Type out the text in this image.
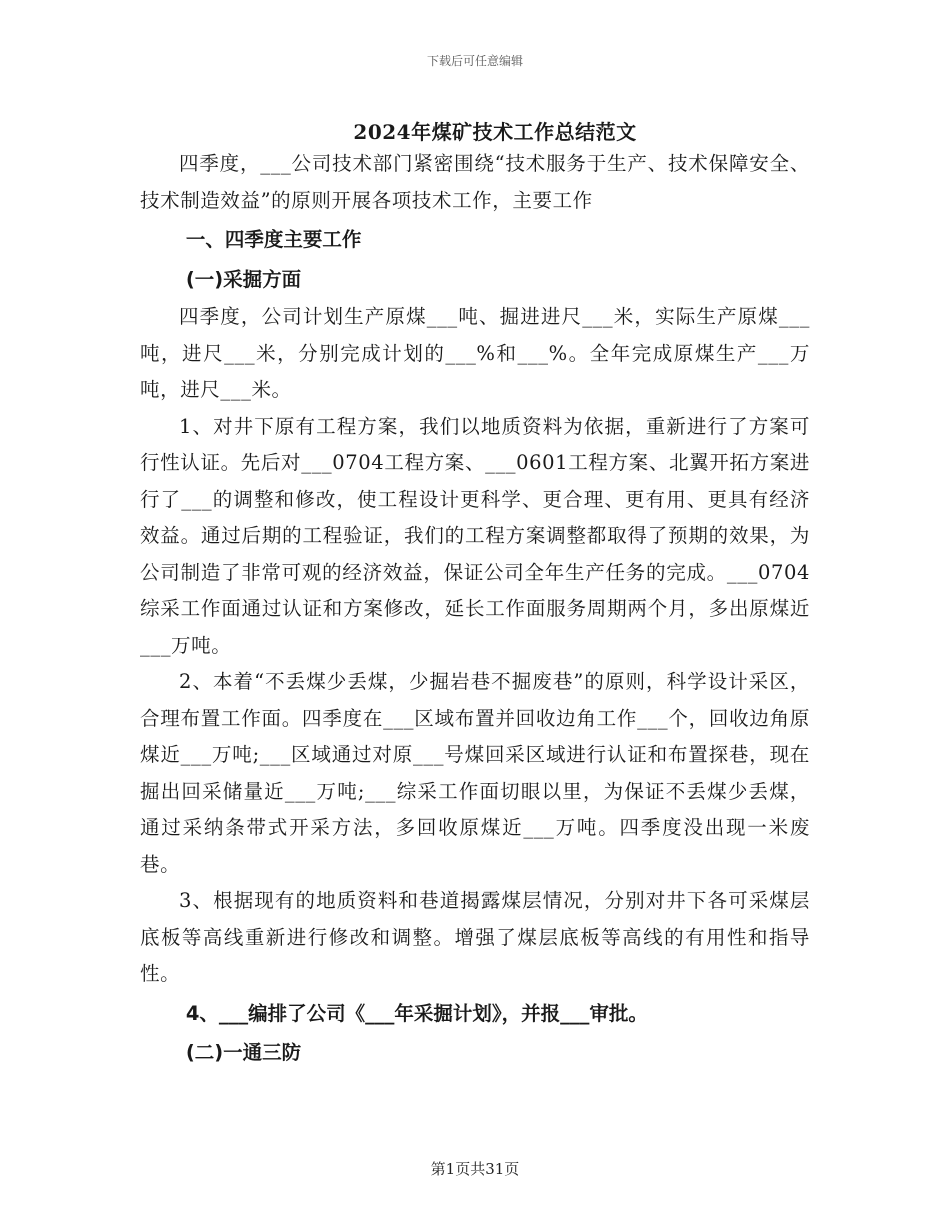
下载后可任意编辑
2024年煤矿技术工作总结范文

四季度，___公司技术部门紧密围绕“技术服务于生产、技术保障安全、技术制造效益”的原则开展各项技术工作，主要工作

一、四季度主要工作

(一)采掘方面

四季度，公司计划生产原煤___吨、掘进进尺___米，实际生产原煤___吨，进尺___米，分别完成计划的___%和___%。全年完成原煤生产___万吨，进尺___米。

1、对井下原有工程方案，我们以地质资料为依据，重新进行了方案可行性认证。先后对___0704工程方案、___0601工程方案、北翼开拓方案进行了___的调整和修改，使工程设计更科学、更合理、更有用、更具有经济效益。通过后期的工程验证，我们的工程方案调整都取得了预期的效果，为公司制造了非常可观的经济效益，保证公司全年生产任务的完成。___0704综采工作面通过认证和方案修改，延长工作面服务周期两个月，多出原煤近___万吨。

2、本着“不丢煤少丢煤，少掘岩巷不掘废巷”的原则，科学设计采区，合理布置工作面。四季度在___区域布置并回收边角工作___个，回收边角原煤近___万吨;___区域通过对原___号煤回采区域进行认证和布置探巷，现在掘出回采储量近___万吨;___综采工作面切眼以里，为保证不丢煤少丢煤，通过采纳条带式开采方法，多回收原煤近___万吨。四季度没出现一米废巷。

3、根据现有的地质资料和巷道揭露煤层情况，分别对井下各可采煤层底板等高线重新进行修改和调整。增强了煤层底板等高线的有用性和指导性。

4、___编排了公司《___年采掘计划》，并报___审批。

(二)一通三防

第1页共31页
